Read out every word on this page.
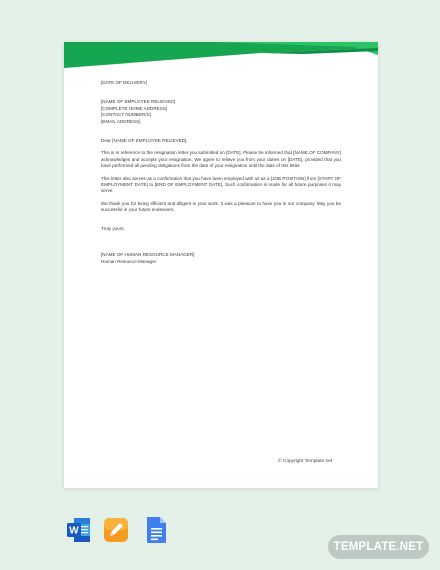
[DATE OF DELIVERY]
[NAME OF EMPLOYEE RELIEVED]
[COMPLETE HOME ADDRESS]
[CONTACT NUMBER/S]
[EMAIL ADDRESS]
Dear [NAME OF EMPLOYEE RELIEVED],

This is in reference to the resignation letter you submitted on [DATE]. Please be informed that [NAME OF COMPANY] acknowledges and accepts your resignation. We agree to relieve you from your duties on [DATE], provided that you have performed all pending obligations from the date of your resignation until the date of this letter.

This letter also serves as a confirmation that you have been employed with us as a [JOB POSITION] from [START OF EMPLOYMENT DATE] to [END OF EMPLOYMENT DATE]. Such confirmation is made for all future purposes it may serve.

We thank you for being efficient and diligent in your work. It was a pleasure to have you in our company. May you be successful in your future endeavors.

Truly yours,
[NAME OF HUMAN RESOURCE MANAGER]
Human Resource Manager
© Copyright Template.net
W
TEMPLATE.NET
